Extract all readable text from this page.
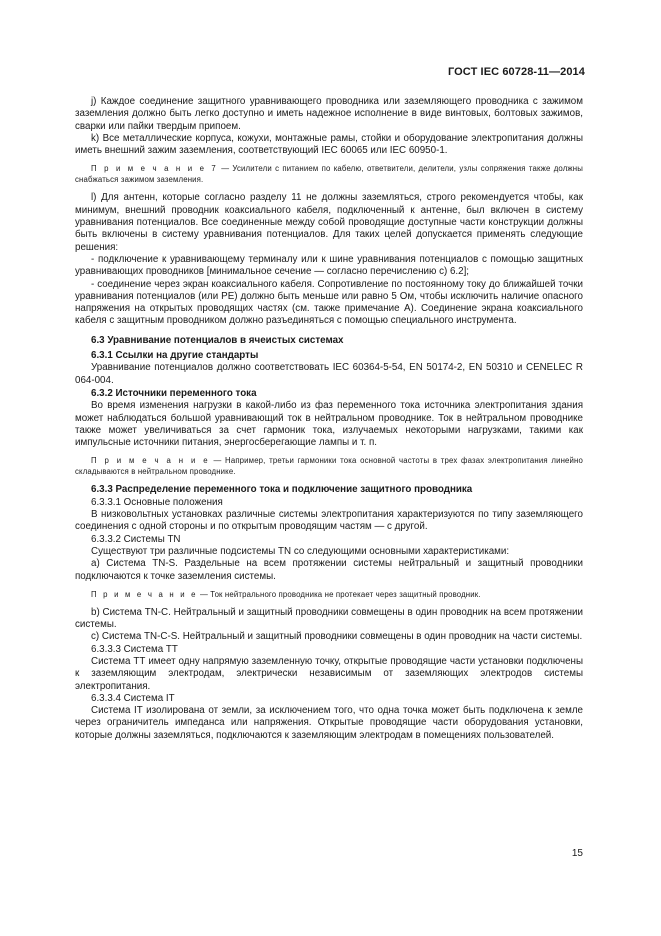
ГОСТ IEC 60728-11—2014

j) Каждое соединение защитного уравнивающего проводника или заземляющего проводника с зажимом заземления должно быть легко доступно и иметь надежное исполнение в виде винтовых, болтовых зажимов, сварки или пайки твердым припоем.

k) Все металлические корпуса, кожухи, монтажные рамы, стойки и оборудование электропитания должны иметь внешний зажим заземления, соответствующий IEC 60065 или IEC 60950-1.

П р и м е ч а н и е 7 — Усилители с питанием по кабелю, ответвители, делители, узлы сопряжения также должны снабжаться зажимом заземления.

l) Для антенн, которые согласно разделу 11 не должны заземляться, строго рекомендуется чтобы, как минимум, внешний проводник коаксиального кабеля, подключенный к антенне, был включен в систему уравнивания потенциалов. Все соединенные между собой проводящие доступные части конструкции должны быть включены в систему уравнивания потенциалов. Для таких целей допускается применять следующие решения:

- подключение к уравнивающему терминалу или к шине уравнивания потенциалов с помощью защитных уравнивающих проводников [минимальное сечение — согласно перечислению с) 6.2];

- соединение через экран коаксиального кабеля. Сопротивление по постоянному току до ближайшей точки уравнивания потенциалов (или PE) должно быть меньше или равно 5 Ом, чтобы исключить наличие опасного напряжения на открытых проводящих частях (см. также примечание А). Соединение экрана коаксиального кабеля с защитным проводником должно разъединяться с помощью специального инструмента.

6.3 Уравнивание потенциалов в ячеистых системах

6.3.1 Ссылки на другие стандарты

Уравнивание потенциалов должно соответствовать IEC 60364-5-54, EN 50174-2, EN 50310 и CENELEC R 064-004.

6.3.2 Источники переменного тока

Во время изменения нагрузки в какой-либо из фаз переменного тока источника электропитания здания может наблюдаться большой уравнивающий ток в нейтральном проводнике. Ток в нейтральном проводнике также может увеличиваться за счет гармоник тока, излучаемых некоторыми нагрузками, такими как импульсные источники питания, энергосберегающие лампы и т. п.

П р и м е ч а н и е — Например, третьи гармоники тока основной частоты в трех фазах электропитания линейно складываются в нейтральном проводнике.

6.3.3 Распределение переменного тока и подключение защитного проводника

6.3.3.1 Основные положения

В низковольтных установках различные системы электропитания характеризуются по типу заземляющего соединения с одной стороны и по открытым проводящим частям — с другой.

6.3.3.2 Системы TN

Существуют три различные подсистемы TN со следующими основными характеристиками:

а) Система TN-S. Раздельные на всем протяжении системы нейтральный и защитный проводники подключаются к точке заземления системы.

П р и м е ч а н и е — Ток нейтрального проводника не протекает через защитный проводник.

b) Система TN-C. Нейтральный и защитный проводники совмещены в один проводник на всем протяжении системы.

c) Система TN-C-S. Нейтральный и защитный проводники совмещены в один проводник на части системы.

6.3.3.3 Система ТТ

Система ТТ имеет одну напрямую заземленную точку, открытые проводящие части установки подключены к заземляющим электродам, электрически независимым от заземляющих электродов системы электропитания.

6.3.3.4 Система IT

Система IT изолирована от земли, за исключением того, что одна точка может быть подключена к земле через ограничитель импеданса или напряжения. Открытые проводящие части оборудования установки, которые должны заземляться, подключаются к заземляющим электродам в помещениях пользователей.

15
